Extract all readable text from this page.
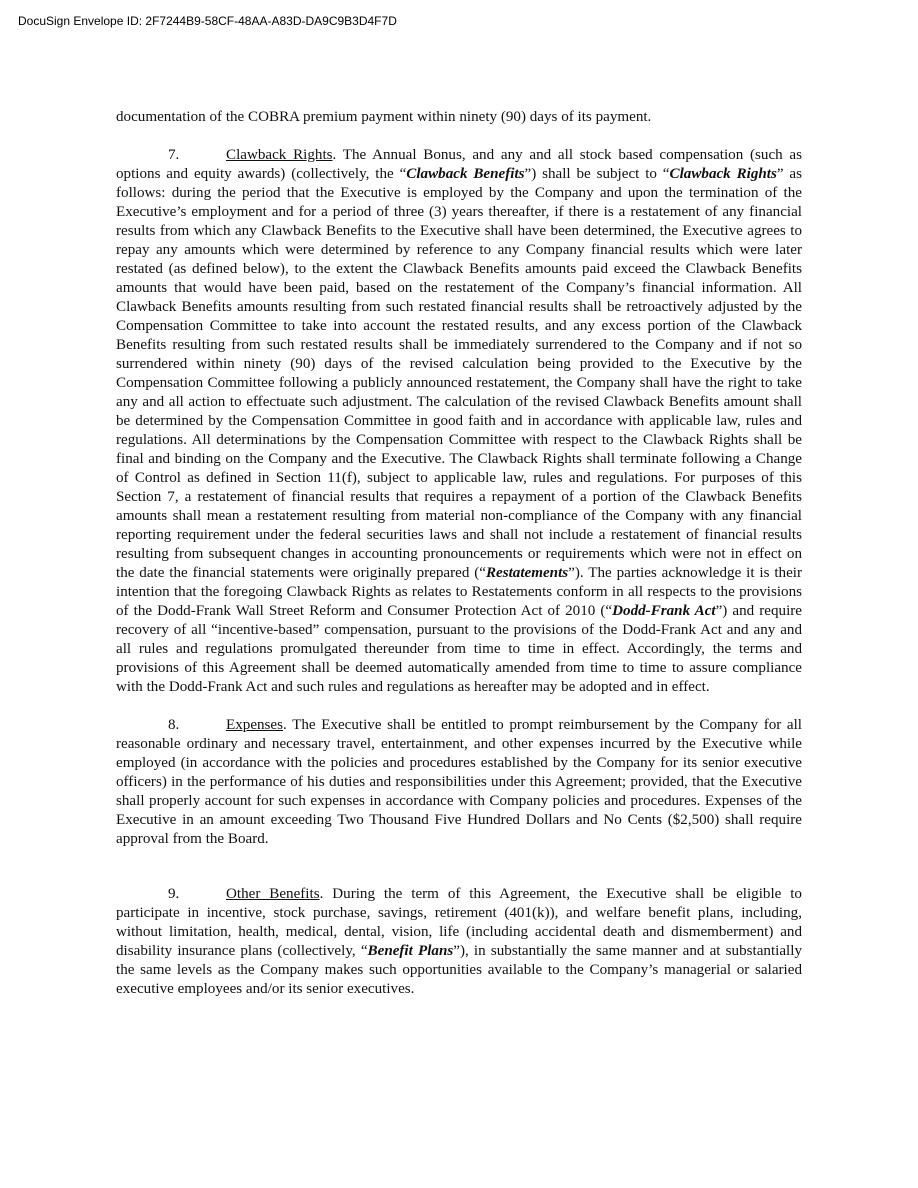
DocuSign Envelope ID: 2F7244B9-58CF-48AA-A83D-DA9C9B3D4F7D

documentation of the COBRA premium payment within ninety (90) days of its payment.

7.	Clawback Rights. The Annual Bonus, and any and all stock based compensation (such as options and equity awards) (collectively, the “Clawback Benefits”) shall be subject to “Clawback Rights” as follows: during the period that the Executive is employed by the Company and upon the termination of the Executive’s employment and for a period of three (3) years thereafter, if there is a restatement of any financial results from which any Clawback Benefits to the Executive shall have been determined, the Executive agrees to repay any amounts which were determined by reference to any Company financial results which were later restated (as defined below), to the extent the Clawback Benefits amounts paid exceed the Clawback Benefits amounts that would have been paid, based on the restatement of the Company’s financial information. All Clawback Benefits amounts resulting from such restated financial results shall be retroactively adjusted by the Compensation Committee to take into account the restated results, and any excess portion of the Clawback Benefits resulting from such restated results shall be immediately surrendered to the Company and if not so surrendered within ninety (90) days of the revised calculation being provided to the Executive by the Compensation Committee following a publicly announced restatement, the Company shall have the right to take any and all action to effectuate such adjustment. The calculation of the revised Clawback Benefits amount shall be determined by the Compensation Committee in good faith and in accordance with applicable law, rules and regulations. All determinations by the Compensation Committee with respect to the Clawback Rights shall be final and binding on the Company and the Executive. The Clawback Rights shall terminate following a Change of Control as defined in Section 11(f), subject to applicable law, rules and regulations. For purposes of this Section 7, a restatement of financial results that requires a repayment of a portion of the Clawback Benefits amounts shall mean a restatement resulting from material non-compliance of the Company with any financial reporting requirement under the federal securities laws and shall not include a restatement of financial results resulting from subsequent changes in accounting pronouncements or requirements which were not in effect on the date the financial statements were originally prepared (“Restatements”). The parties acknowledge it is their intention that the foregoing Clawback Rights as relates to Restatements conform in all respects to the provisions of the Dodd-Frank Wall Street Reform and Consumer Protection Act of 2010 (“Dodd-Frank Act”) and require recovery of all “incentive-based” compensation, pursuant to the provisions of the Dodd-Frank Act and any and all rules and regulations promulgated thereunder from time to time in effect. Accordingly, the terms and provisions of this Agreement shall be deemed automatically amended from time to time to assure compliance with the Dodd-Frank Act and such rules and regulations as hereafter may be adopted and in effect.

8.	Expenses. The Executive shall be entitled to prompt reimbursement by the Company for all reasonable ordinary and necessary travel, entertainment, and other expenses incurred by the Executive while employed (in accordance with the policies and procedures established by the Company for its senior executive officers) in the performance of his duties and responsibilities under this Agreement; provided, that the Executive shall properly account for such expenses in accordance with Company policies and procedures. Expenses of the Executive in an amount exceeding Two Thousand Five Hundred Dollars and No Cents ($2,500) shall require approval from the Board.

9.	Other Benefits. During the term of this Agreement, the Executive shall be eligible to participate in incentive, stock purchase, savings, retirement (401(k)), and welfare benefit plans, including, without limitation, health, medical, dental, vision, life (including accidental death and dismemberment) and disability insurance plans (collectively, “Benefit Plans”), in substantially the same manner and at substantially the same levels as the Company makes such opportunities available to the Company’s managerial or salaried executive employees and/or its senior executives.
